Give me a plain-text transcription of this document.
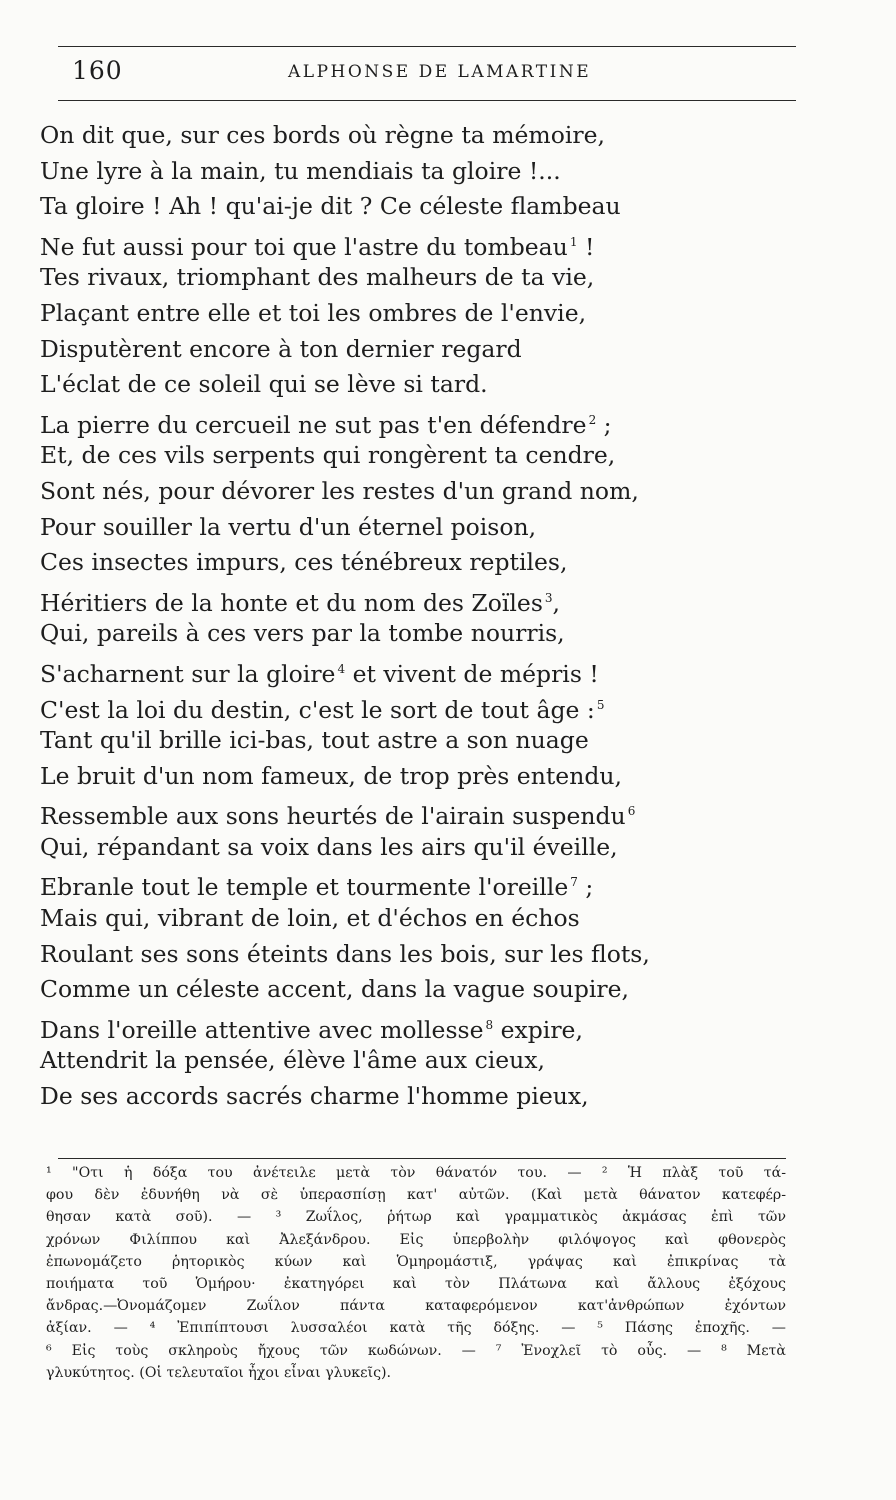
160	ALPHONSE DE LAMARTINE
On dit que, sur ces bords où règne ta mémoire,
Une lyre à la main, tu mendiais ta gloire !...
Ta gloire ! Ah ! qu'ai-je dit ? Ce céleste flambeau
Ne fut aussi pour toi que l'astre du tombeau $^1$ !
Tes rivaux, triomphant des malheurs de ta vie,
Plaçant entre elle et toi les ombres de l'envie,
Disputèrent encore à ton dernier regard
L'éclat de ce soleil qui se lève si tard.
La pierre du cercueil ne sut pas t'en défendre $^2$ ;
Et, de ces vils serpents qui rongèrent ta cendre,
Sont nés, pour dévorer les restes d'un grand nom,
Pour souiller la vertu d'un éternel poison,
Ces insectes impurs, ces ténébreux reptiles,
Héritiers de la honte et du nom des Zoïles $^3$,
Qui, pareils à ces vers par la tombe nourris,
S'acharnent sur la gloire $^4$ et vivent de mépris !
C'est la loi du destin, c'est le sort de tout âge : $^5$
Tant qu'il brille ici-bas, tout astre a son nuage
Le bruit d'un nom fameux, de trop près entendu,
Ressemble aux sons heurtés de l'airain suspendu $^6$
Qui, répandant sa voix dans les airs qu'il éveille,
Ebranle tout le temple et tourmente l'oreille $^7$ ;
Mais qui, vibrant de loin, et d'échos en échos
Roulant ses sons éteints dans les bois, sur les flots,
Comme un céleste accent, dans la vague soupire,
Dans l'oreille attentive avec mollesse $^8$ expire,
Attendrit la pensée, élève l'âme aux cieux,
De ses accords sacrés charme l'homme pieux,
¹ "Οτι ἡ δόξα του ἀνέτειλε μετὰ τὸν θάνατόν του. — ² Ἡ πλὰξ τοῦ τά-
φου δὲν ἐδυνήθη νὰ σὲ ὑπερασπίσῃ κατ' αὐτῶν. (Καὶ μετὰ θάνατον κατεφέρ-
θησαν κατὰ σοῦ). — ³ Ζωΐλος, ῥήτωρ καὶ γραμματικὸς ἀκμάσας ἐπὶ τῶν
χρόνων Φιλίππου καὶ Ἀλεξάνδρου. Εἰς ὑπερβολὴν φιλόψογος καὶ φθονερὸς
ἐπωνομάζετο ῥητορικὸς κύων καὶ Ὁμηρομάστιξ, γράψας καὶ ἐπικρίνας τὰ
ποιήματα τοῦ Ὁμήρου· ἐκατηγόρει καὶ τὸν Πλάτωνα καὶ ἄλλους ἐξόχους
ἄνδρας.—Ὀνομάζομεν Ζωΐλον πάντα καταφερόμενον κατ'ἀνθρώπων ἐχόντων
ἀξίαν. — ⁴ Ἐπιπίπτουσι λυσσαλέοι κατὰ τῆς δόξης. — ⁵ Πάσης ἐποχῆς. —
⁶ Εἰς τοὺς σκληροὺς ἤχους τῶν κωδώνων. — ⁷ Ἐνοχλεῖ τὸ οὖς. — ⁸ Μετὰ
γλυκύτητος. (Οἱ τελευταῖοι ἦχοι εἶναι γλυκεῖς).
